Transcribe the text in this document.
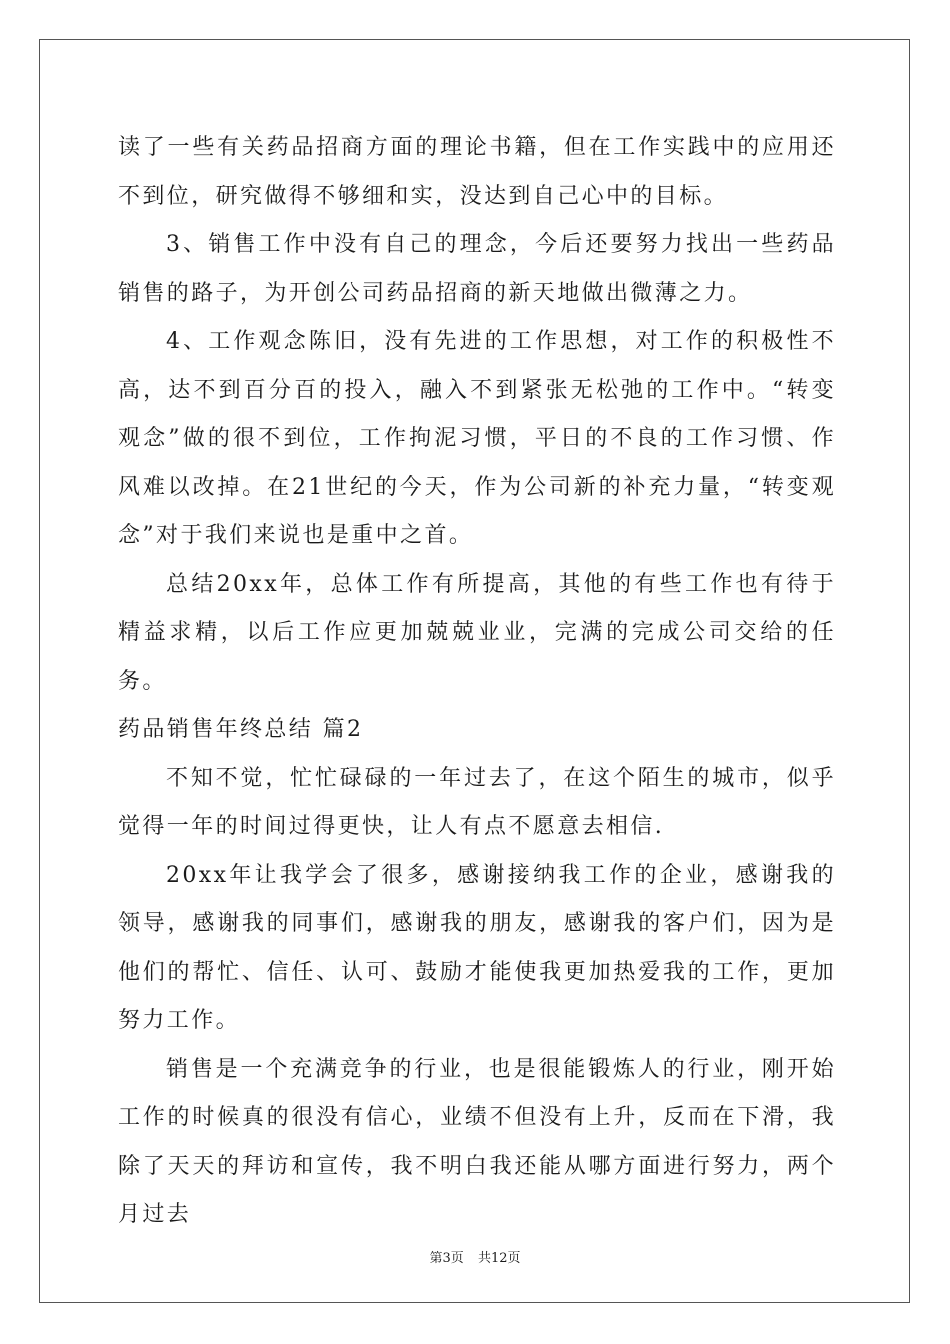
读了一些有关药品招商方面的理论书籍，但在工作实践中的应用还不到位，研究做得不够细和实，没达到自己心中的目标。

3、销售工作中没有自己的理念，今后还要努力找出一些药品销售的路子，为开创公司药品招商的新天地做出微薄之力。

4、工作观念陈旧，没有先进的工作思想，对工作的积极性不高，达不到百分百的投入，融入不到紧张无松弛的工作中。“转变观念”做的很不到位，工作拘泥习惯，平日的不良的工作习惯、作风难以改掉。在21世纪的今天，作为公司新的补充力量，“转变观念”对于我们来说也是重中之首。

总结20xx年，总体工作有所提高，其他的有些工作也有待于精益求精，以后工作应更加兢兢业业，完满的完成公司交给的任务。

药品销售年终总结 篇2

不知不觉，忙忙碌碌的一年过去了，在这个陌生的城市，似乎觉得一年的时间过得更快，让人有点不愿意去相信.

20xx年让我学会了很多，感谢接纳我工作的企业，感谢我的领导，感谢我的同事们，感谢我的朋友，感谢我的客户们，因为是他们的帮忙、信任、认可、鼓励才能使我更加热爱我的工作，更加努力工作。

销售是一个充满竞争的行业，也是很能锻炼人的行业，刚开始工作的时候真的很没有信心，业绩不但没有上升，反而在下滑，我除了天天的拜访和宣传，我不明白我还能从哪方面进行努力，两个月过去

第3页 共12页
